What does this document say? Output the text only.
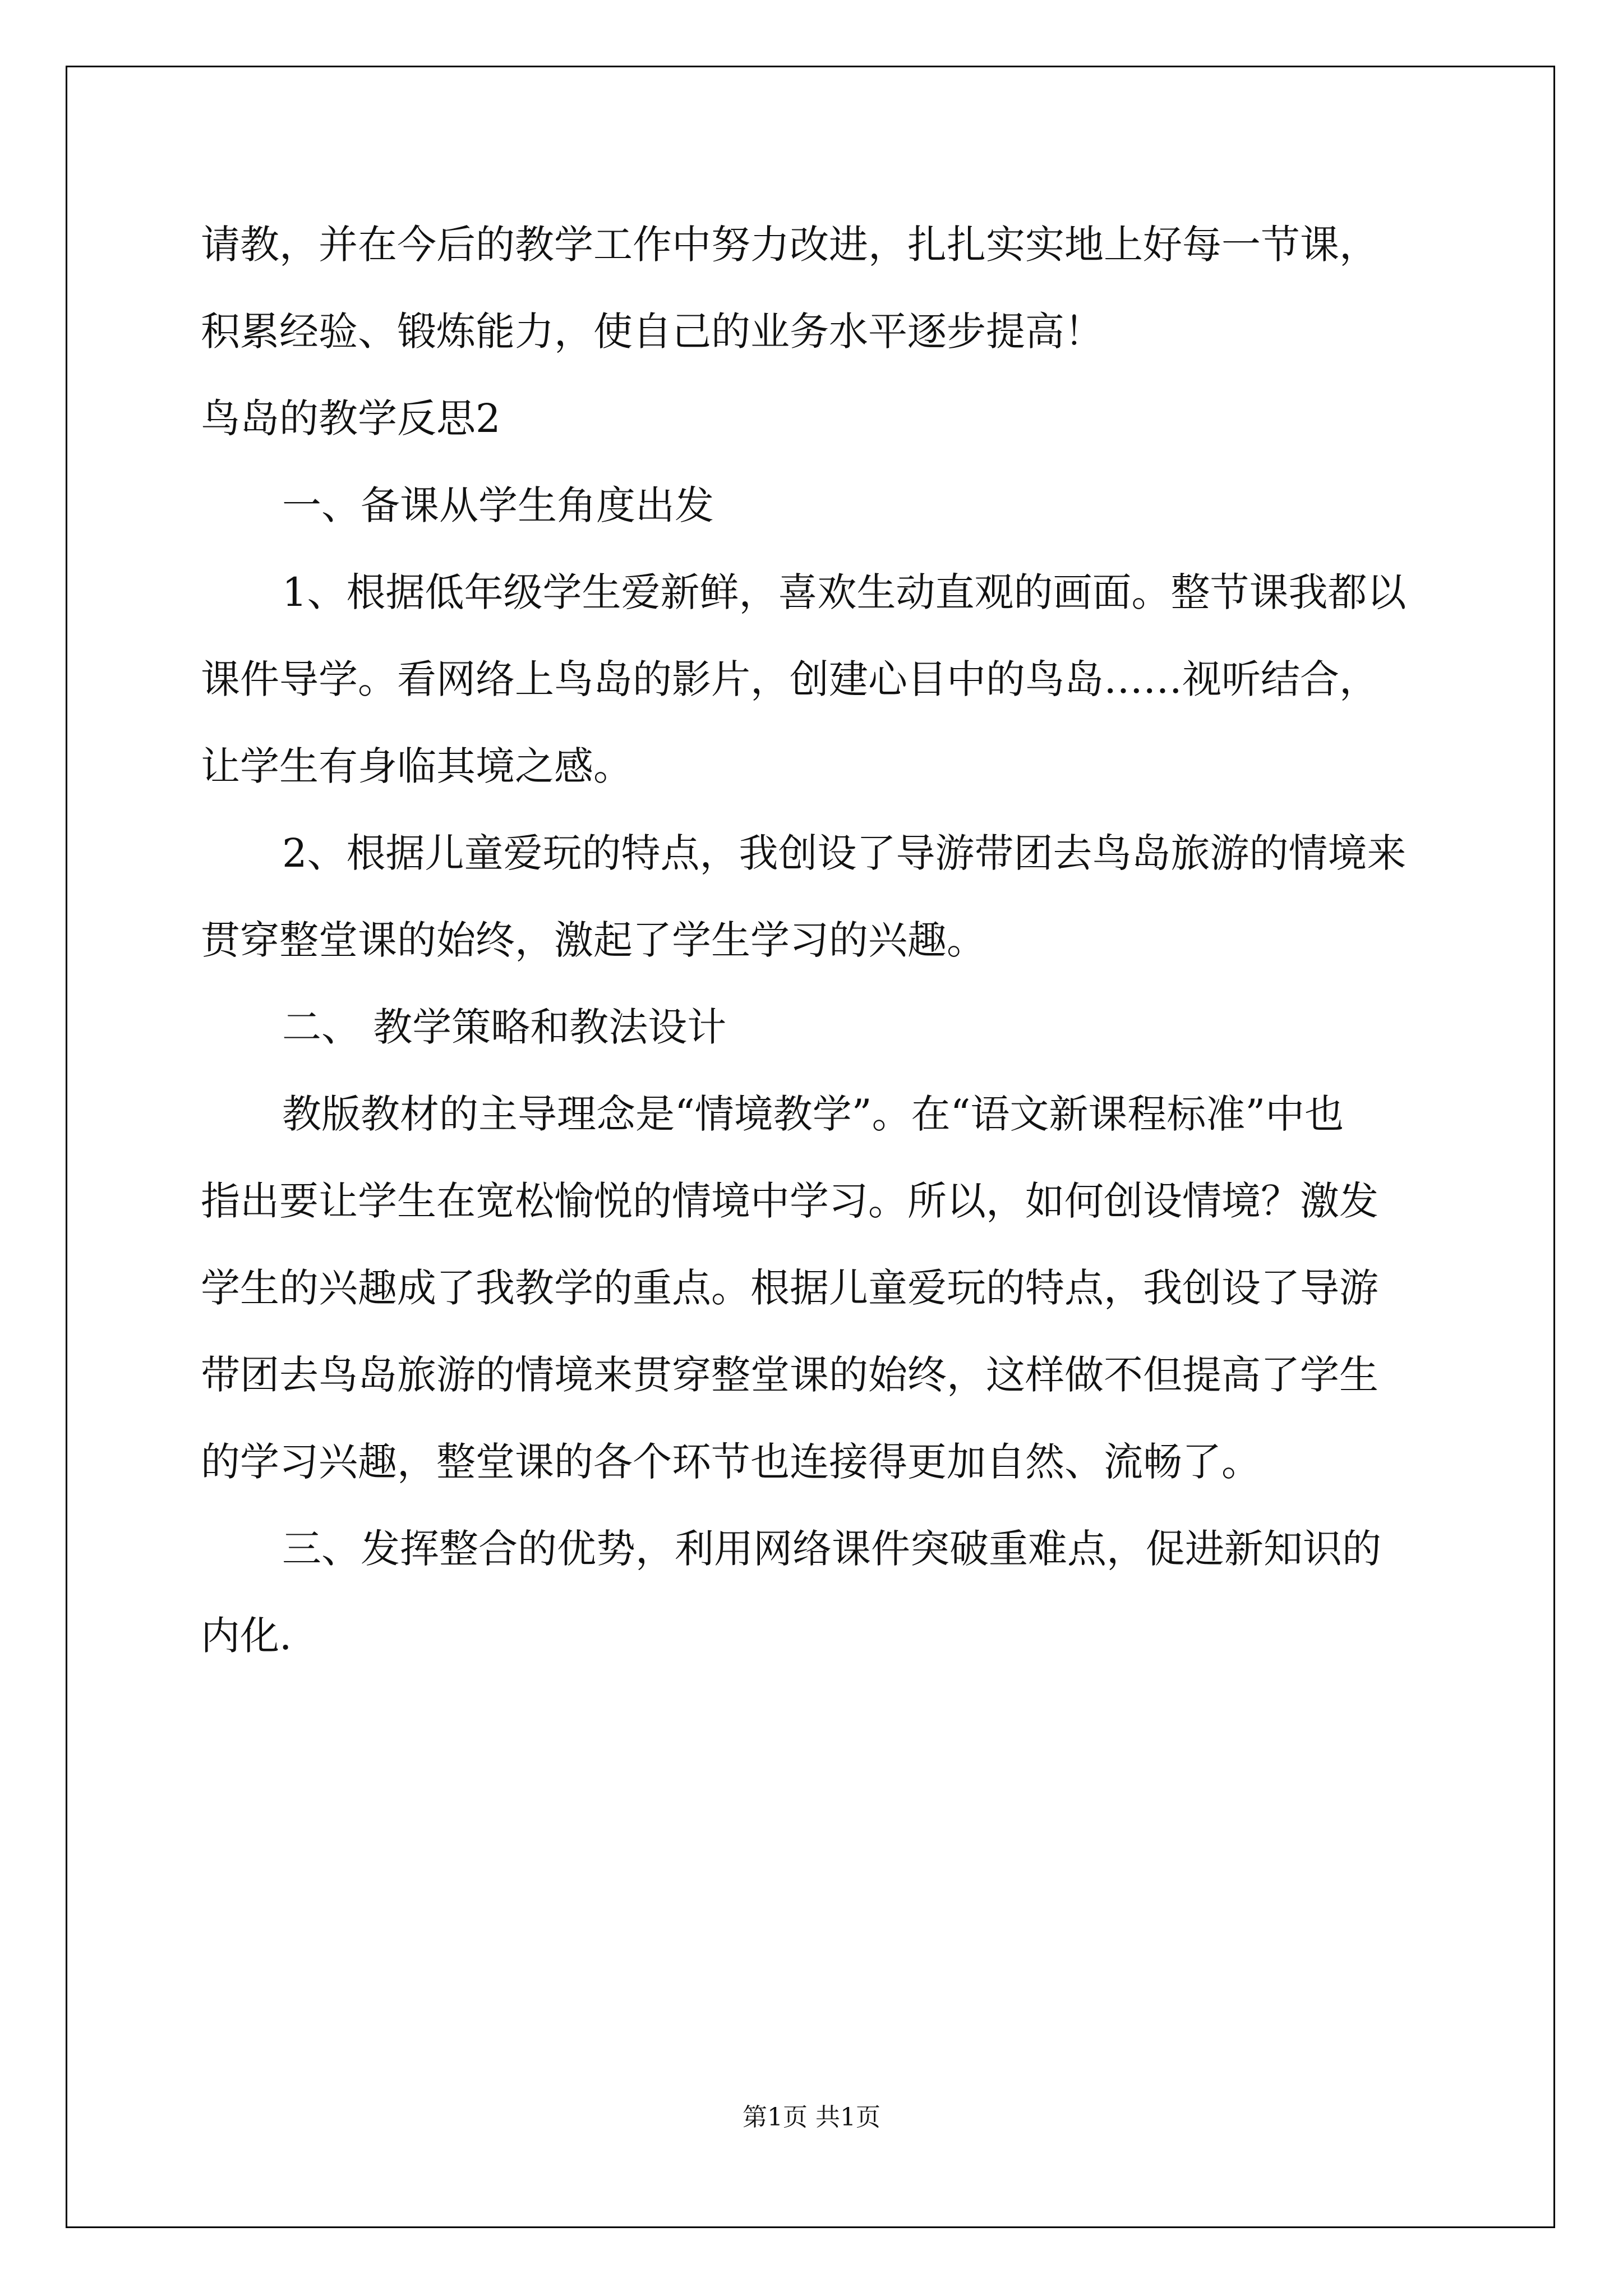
请教，并在今后的教学工作中努力改进，扎扎实实地上好每一节课，
积累经验、锻炼能力，使自己的业务水平逐步提高！
鸟岛的教学反思2
一、备课从学生角度出发
1、根据低年级学生爱新鲜，喜欢生动直观的画面。整节课我都以
课件导学。看网络上鸟岛的影片，创建心目中的鸟岛……视听结合，
让学生有身临其境之感。
2、根据儿童爱玩的特点，我创设了导游带团去鸟岛旅游的情境来
贯穿整堂课的始终，激起了学生学习的兴趣。
二、 教学策略和教法设计
教版教材的主导理念是“情境教学”。在“语文新课程标准”中也
指出要让学生在宽松愉悦的情境中学习。所以，如何创设情境？激发
学生的兴趣成了我教学的重点。根据儿童爱玩的特点，我创设了导游
带团去鸟岛旅游的情境来贯穿整堂课的始终，这样做不但提高了学生
的学习兴趣，整堂课的各个环节也连接得更加自然、流畅了。
三、发挥整合的优势，利用网络课件突破重难点，促进新知识的
内化.
第1页 共1页
